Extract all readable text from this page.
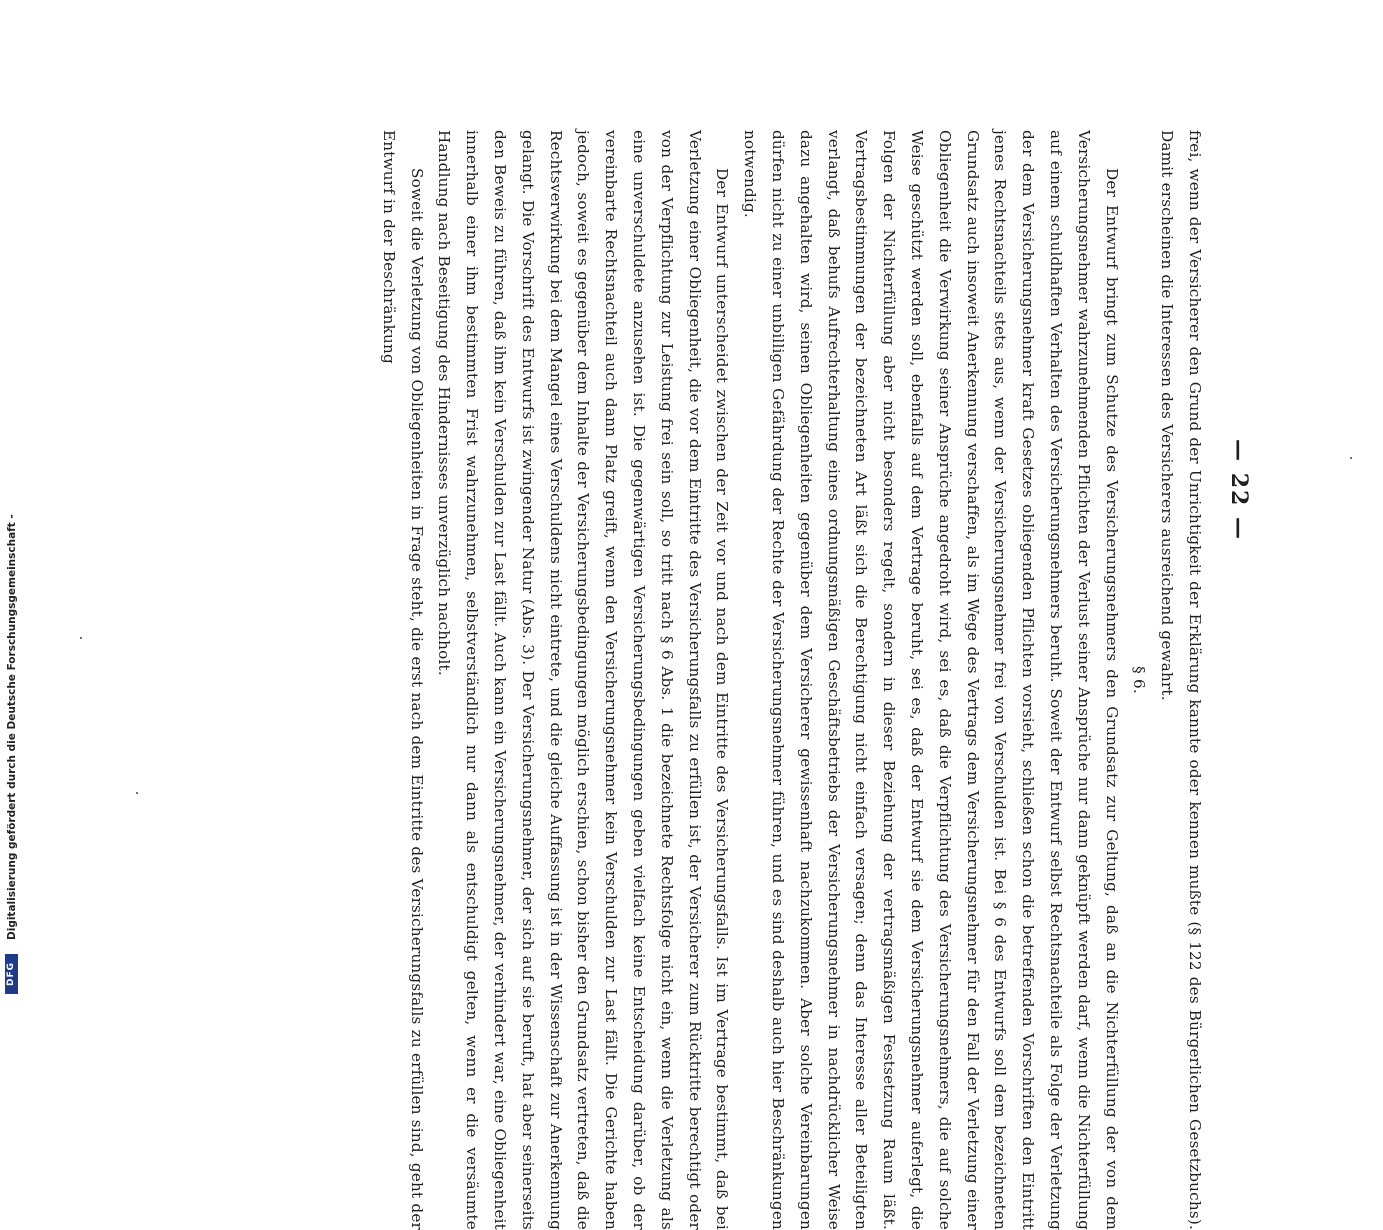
— 22 —

frei, wenn der Versicherer den Grund der Unrichtigkeit der Erklärung kannte oder kennen mußte (§ 122 des Bürgerlichen Gesetzbuchs). Damit erscheinen die Interessen des Versicherers ausreichend gewahrt.

§ 6.

Der Entwurf bringt zum Schutze des Versicherungsnehmers den Grundsatz zur Geltung, daß an die Nichterfüllung der von dem Versicherungsnehmer wahrzunehmenden Pflichten der Verlust seiner Ansprüche nur dann geknüpft werden darf, wenn die Nichterfüllung auf einem schuldhaften Verhalten des Versicherungsnehmers beruht. Soweit der Entwurf selbst Rechtsnachteile als Folge der Verletzung der dem Versicherungsnehmer kraft Gesetzes obliegenden Pflichten vorsieht, schließen schon die betreffenden Vorschriften den Eintritt jenes Rechtsnachteils stets aus, wenn der Versicherungsnehmer frei von Verschulden ist. Bei § 6 des Entwurfs soll dem bezeichneten Grundsatz auch insoweit Anerkennung verschaffen, als im Wege des Vertrags dem Versicherungsnehmer für den Fall der Verletzung einer Obliegenheit die Verwirkung seiner Ansprüche angedroht wird, sei es, daß die Verpflichtung des Versicherungsnehmers, die auf solche Weise geschützt werden soll, ebenfalls auf dem Vertrage beruht, sei es, daß der Entwurf sie dem Versicherungsnehmer auferlegt, die Folgen der Nichterfüllung aber nicht besonders regelt, sondern in dieser Beziehung der vertragsmäßigen Festsetzung Raum läßt. Vertragsbestimmungen der bezeichneten Art läßt sich die Berechtigung nicht einfach versagen; denn das Interesse aller Beteiligten verlangt, daß behufs Aufrechterhaltung eines ordnungsmäßigen Geschäftsbetriebs der Versicherungsnehmer in nachdrücklicher Weise dazu angehalten wird, seinen Obliegenheiten gegenüber dem Versicherer gewissenhaft nachzukommen. Aber solche Vereinbarungen dürfen nicht zu einer unbilligen Gefährdung der Rechte der Versicherungsnehmer führen, und es sind deshalb auch hier Beschränkungen notwendig.

Der Entwurf unterscheidet zwischen der Zeit vor und nach dem Eintritte des Versicherungsfalls. Ist im Vertrage bestimmt, daß bei Verletzung einer Obliegenheit, die vor dem Eintritte des Versicherungsfalls zu erfüllen ist, der Versicherer zum Rücktritte berechtigt oder von der Verpflichtung zur Leistung frei sein soll, so tritt nach § 6 Abs. 1 die bezeichnete Rechtsfolge nicht ein, wenn die Verletzung als eine unverschuldete anzusehen ist. Die gegenwärtigen Versicherungsbedingungen geben vielfach keine Entscheidung darüber, ob der vereinbarte Rechtsnachteil auch dann Platz greift, wenn den Versicherungsnehmer kein Verschulden zur Last fällt. Die Gerichte haben jedoch, soweit es gegenüber dem Inhalte der Versicherungsbedingungen möglich erschien, schon bisher den Grundsatz vertreten, daß die Rechtsverwirkung bei dem Mangel eines Verschuldens nicht eintrete, und die gleiche Auffassung ist in der Wissenschaft zur Anerkennung gelangt. Die Vorschrift des Entwurfs ist zwingender Natur (Abs. 3). Der Versicherungsnehmer, der sich auf sie beruft, hat aber seinerseits den Beweis zu führen, daß ihm kein Verschulden zur Last fällt. Auch kann ein Versicherungsnehmer, der verhindert war, eine Obliegenheit innerhalb einer ihm bestimmten Frist wahrzunehmen, selbstverständlich nur dann als entschuldigt gelten, wenn er die versäumte Handlung nach Beseitigung des Hindernisses unverzüglich nachholt.

Soweit die Verletzung von Obliegenheiten in Frage steht, die erst nach dem Eintritte des Versicherungsfalls zu erfüllen sind, geht der Entwurf in der Beschränkung

DFG
Digitalisierung gefördert durch die Deutsche Forschungsgemeinschaft -
